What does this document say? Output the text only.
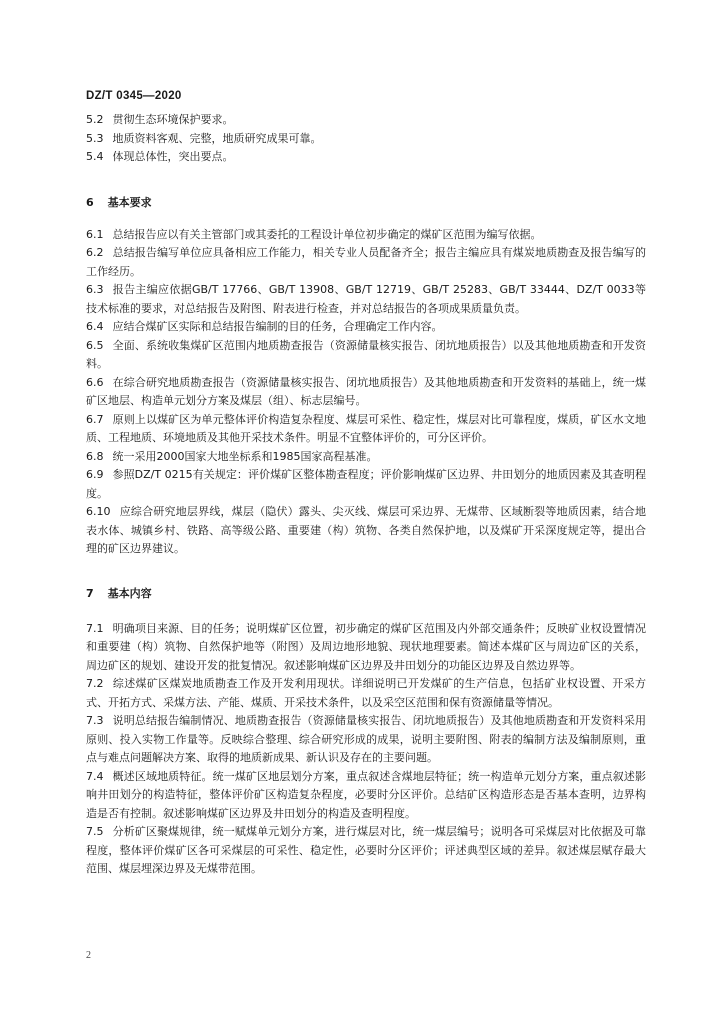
DZ/T 0345—2020

5.2 贯彻生态环境保护要求。

5.3 地质资料客观、完整，地质研究成果可靠。

5.4 体现总体性，突出要点。

6 基本要求

6.1 总结报告应以有关主管部门或其委托的工程设计单位初步确定的煤矿区范围为编写依据。

6.2 总结报告编写单位应具备相应工作能力，相关专业人员配备齐全；报告主编应具有煤炭地质勘查及报告编写的工作经历。

6.3 报告主编应依据GB/T 17766、GB/T 13908、GB/T 12719、GB/T 25283、GB/T 33444、DZ/T 0033等技术标准的要求，对总结报告及附图、附表进行检查，并对总结报告的各项成果质量负责。

6.4 应结合煤矿区实际和总结报告编制的目的任务，合理确定工作内容。

6.5 全面、系统收集煤矿区范围内地质勘查报告（资源储量核实报告、闭坑地质报告）以及其他地质勘查和开发资料。

6.6 在综合研究地质勘查报告（资源储量核实报告、闭坑地质报告）及其他地质勘查和开发资料的基础上，统一煤矿区地层、构造单元划分方案及煤层（组）、标志层编号。

6.7 原则上以煤矿区为单元整体评价构造复杂程度、煤层可采性、稳定性，煤层对比可靠程度，煤质，矿区水文地质、工程地质、环境地质及其他开采技术条件。明显不宜整体评价的，可分区评价。

6.8 统一采用2000国家大地坐标系和1985国家高程基准。

6.9 参照DZ/T 0215有关规定：评价煤矿区整体勘查程度；评价影响煤矿区边界、井田划分的地质因素及其查明程度。

6.10 应综合研究地层界线，煤层（隐伏）露头、尖灭线、煤层可采边界、无煤带、区域断裂等地质因素，结合地表水体、城镇乡村、铁路、高等级公路、重要建（构）筑物、各类自然保护地，以及煤矿开采深度规定等，提出合理的矿区边界建议。

7 基本内容

7.1 明确项目来源、目的任务；说明煤矿区位置，初步确定的煤矿区范围及内外部交通条件；反映矿业权设置情况和重要建（构）筑物、自然保护地等（附图）及周边地形地貌、现状地理要素。简述本煤矿区与周边矿区的关系，周边矿区的规划、建设开发的批复情况。叙述影响煤矿区边界及井田划分的功能区边界及自然边界等。

7.2 综述煤矿区煤炭地质勘查工作及开发利用现状。详细说明已开发煤矿的生产信息，包括矿业权设置、开采方式、开拓方式、采煤方法、产能、煤质、开采技术条件，以及采空区范围和保有资源储量等情况。

7.3 说明总结报告编制情况、地质勘查报告（资源储量核实报告、闭坑地质报告）及其他地质勘查和开发资料采用原则、投入实物工作量等。反映综合整理、综合研究形成的成果，说明主要附图、附表的编制方法及编制原则，重点与难点问题解决方案、取得的地质新成果、新认识及存在的主要问题。

7.4 概述区域地质特征。统一煤矿区地层划分方案，重点叙述含煤地层特征；统一构造单元划分方案，重点叙述影响井田划分的构造特征，整体评价矿区构造复杂程度，必要时分区评价。总结矿区构造形态是否基本查明，边界构造是否有控制。叙述影响煤矿区边界及井田划分的构造及查明程度。

7.5 分析矿区聚煤规律，统一赋煤单元划分方案，进行煤层对比，统一煤层编号；说明各可采煤层对比依据及可靠程度，整体评价煤矿区各可采煤层的可采性、稳定性，必要时分区评价；评述典型区域的差异。叙述煤层赋存最大范围、煤层埋深边界及无煤带范围。

2
